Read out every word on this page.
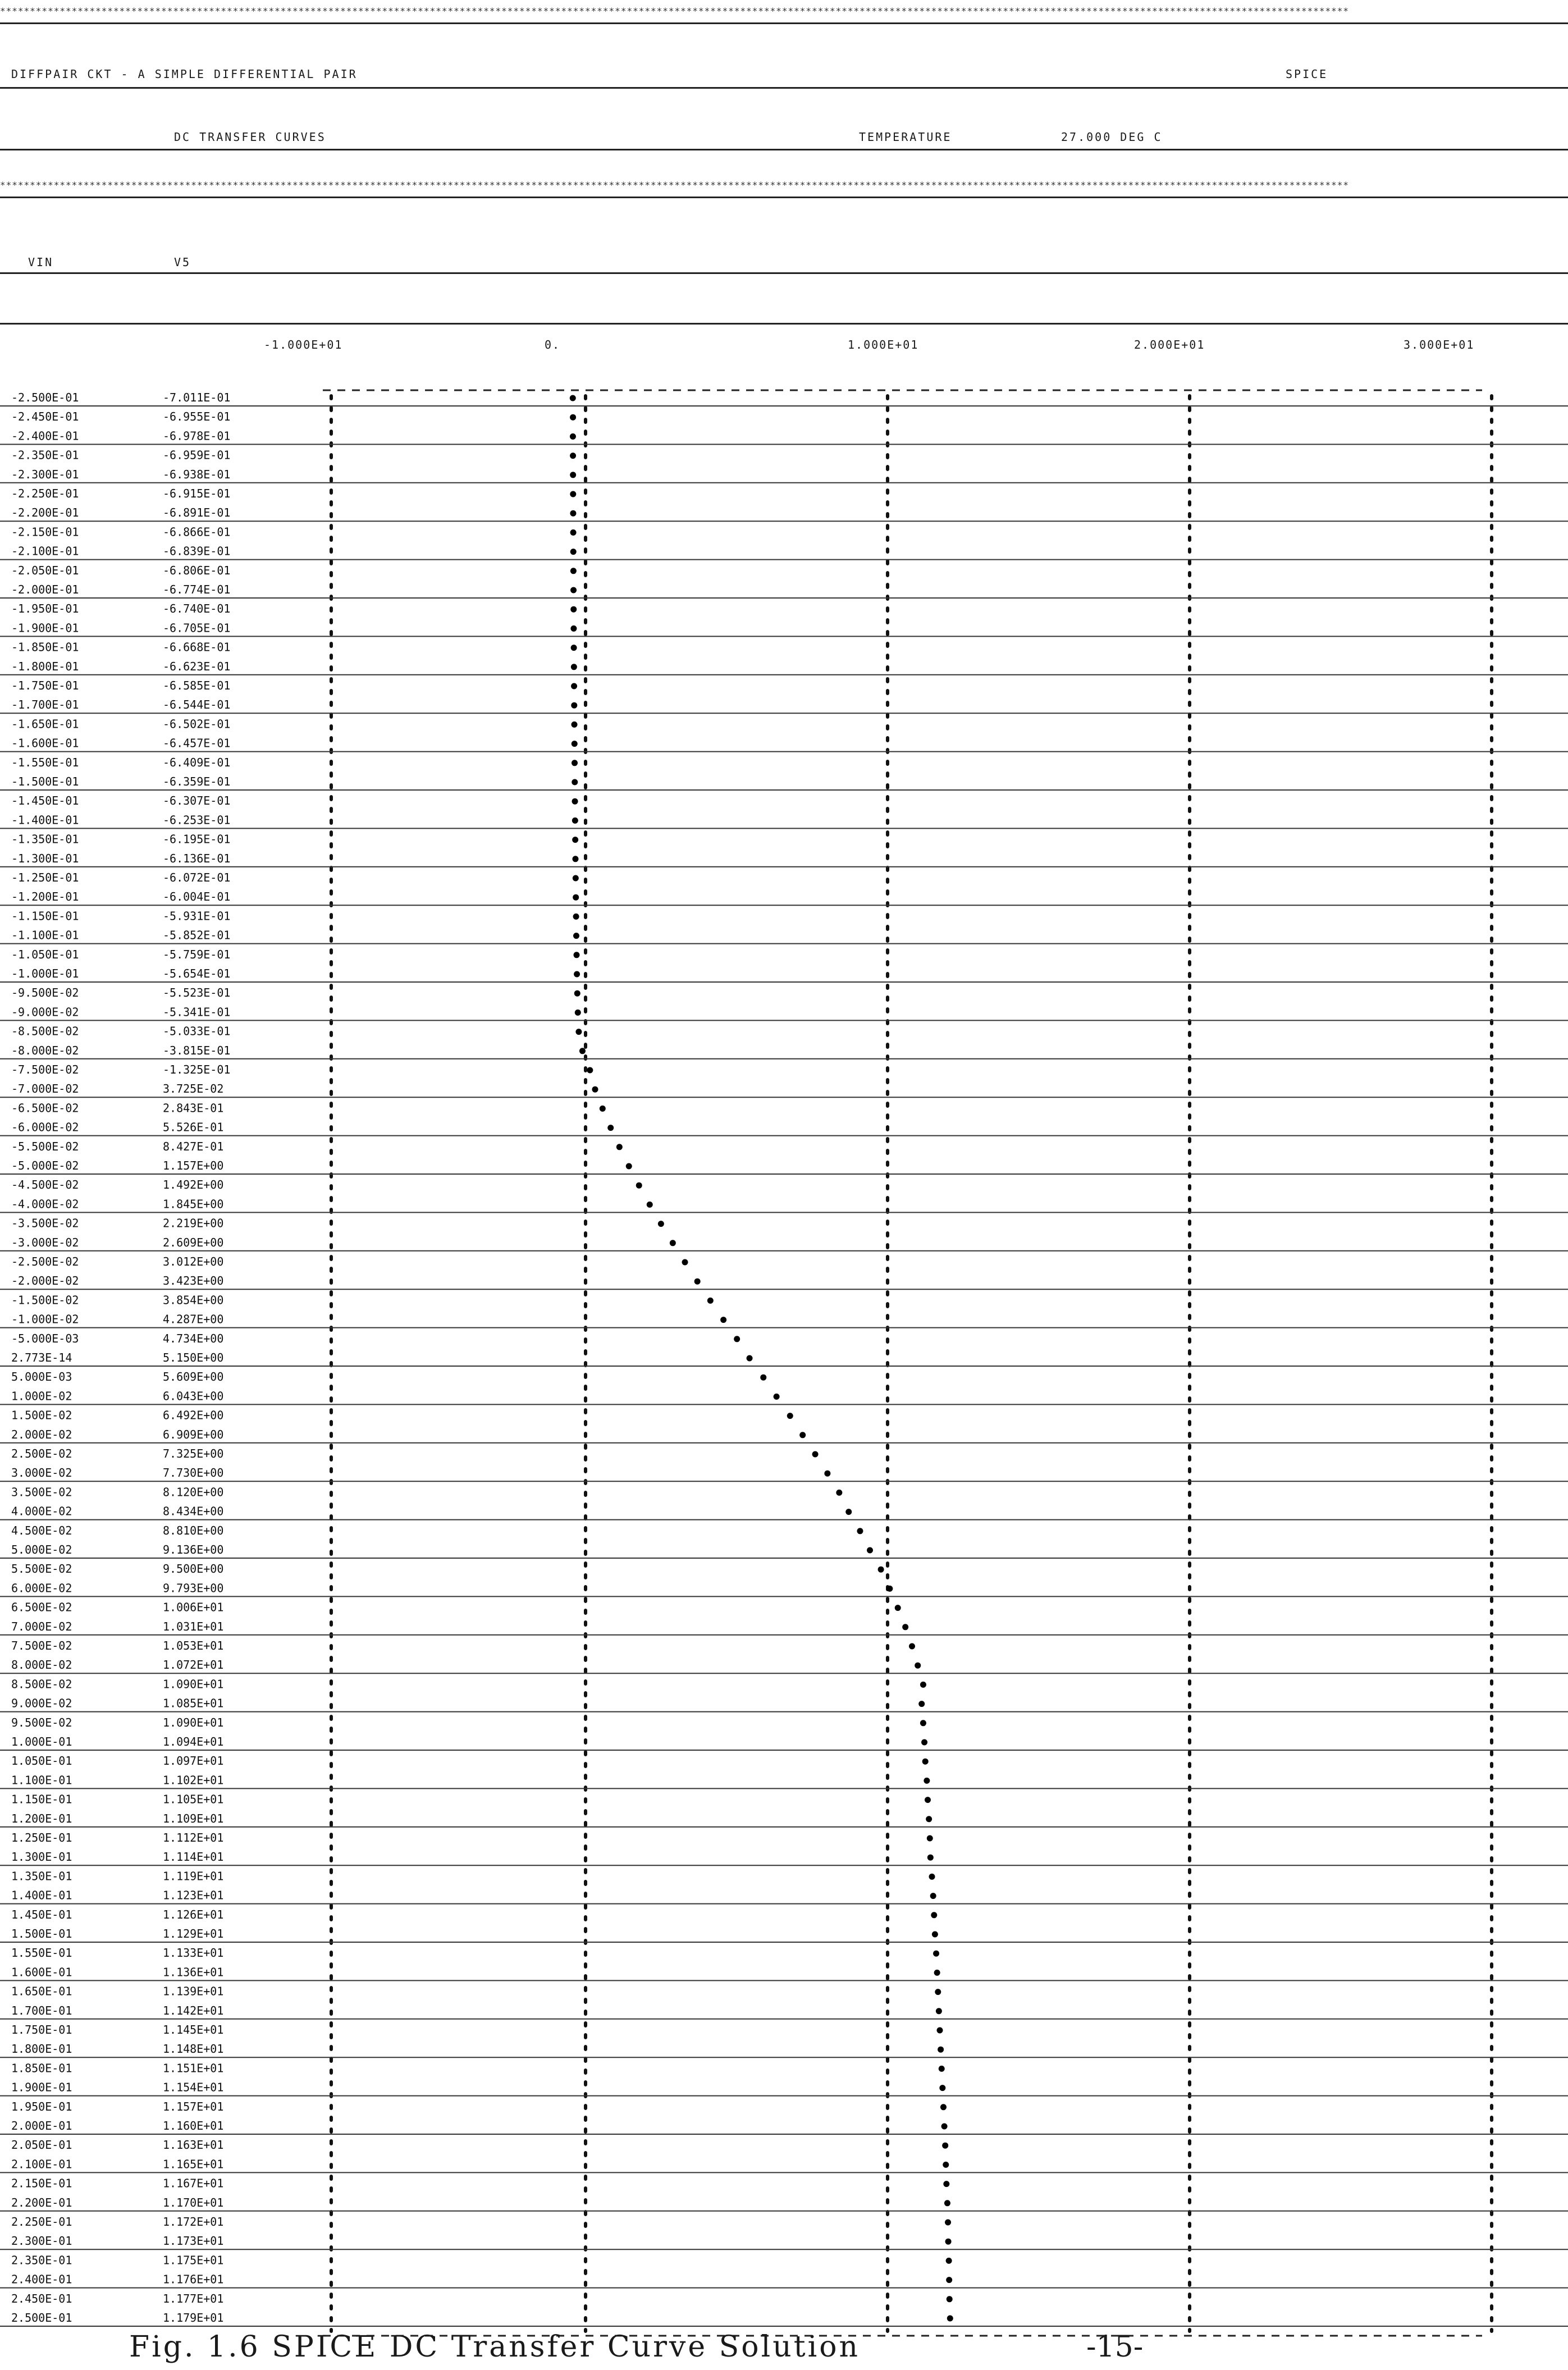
**********************************************************************************************************************************************************************************************************************************
DIFFPAIR CKT - A SIMPLE DIFFERENTIAL PAIR	SPICE
DC TRANSFER CURVES	TEMPERATURE	27.000 DEG C
**********************************************************************************************************************************************************************************************************************************
VIN	V5
-1.000E+01	0.	1.000E+01	2.000E+01	3.000E+01
-2.500E-01	-7.011E-01
-2.450E-01	-6.955E-01
-2.400E-01	-6.978E-01
-2.350E-01	-6.959E-01
-2.300E-01	-6.938E-01
-2.250E-01	-6.915E-01
-2.200E-01	-6.891E-01
-2.150E-01	-6.866E-01
-2.100E-01	-6.839E-01
-2.050E-01	-6.806E-01
-2.000E-01	-6.774E-01
-1.950E-01	-6.740E-01
-1.900E-01	-6.705E-01
-1.850E-01	-6.668E-01
-1.800E-01	-6.623E-01
-1.750E-01	-6.585E-01
-1.700E-01	-6.544E-01
-1.650E-01	-6.502E-01
-1.600E-01	-6.457E-01
-1.550E-01	-6.409E-01
-1.500E-01	-6.359E-01
-1.450E-01	-6.307E-01
-1.400E-01	-6.253E-01
-1.350E-01	-6.195E-01
-1.300E-01	-6.136E-01
-1.250E-01	-6.072E-01
-1.200E-01	-6.004E-01
-1.150E-01	-5.931E-01
-1.100E-01	-5.852E-01
-1.050E-01	-5.759E-01
-1.000E-01	-5.654E-01
-9.500E-02	-5.523E-01
-9.000E-02	-5.341E-01
-8.500E-02	-5.033E-01
-8.000E-02	-3.815E-01
-7.500E-02	-1.325E-01
-7.000E-02	3.725E-02
-6.500E-02	2.843E-01
-6.000E-02	5.526E-01
-5.500E-02	8.427E-01
-5.000E-02	1.157E+00
-4.500E-02	1.492E+00
-4.000E-02	1.845E+00
-3.500E-02	2.219E+00
-3.000E-02	2.609E+00
-2.500E-02	3.012E+00
-2.000E-02	3.423E+00
-1.500E-02	3.854E+00
-1.000E-02	4.287E+00
-5.000E-03	4.734E+00
2.773E-14	5.150E+00
5.000E-03	5.609E+00
1.000E-02	6.043E+00
1.500E-02	6.492E+00
2.000E-02	6.909E+00
2.500E-02	7.325E+00
3.000E-02	7.730E+00
3.500E-02	8.120E+00
4.000E-02	8.434E+00
4.500E-02	8.810E+00
5.000E-02	9.136E+00
5.500E-02	9.500E+00
6.000E-02	9.793E+00
6.500E-02	1.006E+01
7.000E-02	1.031E+01
7.500E-02	1.053E+01
8.000E-02	1.072E+01
8.500E-02	1.090E+01
9.000E-02	1.085E+01
9.500E-02	1.090E+01
1.000E-01	1.094E+01
1.050E-01	1.097E+01
1.100E-01	1.102E+01
1.150E-01	1.105E+01
1.200E-01	1.109E+01
1.250E-01	1.112E+01
1.300E-01	1.114E+01
1.350E-01	1.119E+01
1.400E-01	1.123E+01
1.450E-01	1.126E+01
1.500E-01	1.129E+01
1.550E-01	1.133E+01
1.600E-01	1.136E+01
1.650E-01	1.139E+01
1.700E-01	1.142E+01
1.750E-01	1.145E+01
1.800E-01	1.148E+01
1.850E-01	1.151E+01
1.900E-01	1.154E+01
1.950E-01	1.157E+01
2.000E-01	1.160E+01
2.050E-01	1.163E+01
2.100E-01	1.165E+01
2.150E-01	1.167E+01
2.200E-01	1.170E+01
2.250E-01	1.172E+01
2.300E-01	1.173E+01
2.350E-01	1.175E+01
2.400E-01	1.176E+01
2.450E-01	1.177E+01
2.500E-01	1.179E+01
Fig. 1.6 SPICE DC Transfer Curve Solution	-15-
